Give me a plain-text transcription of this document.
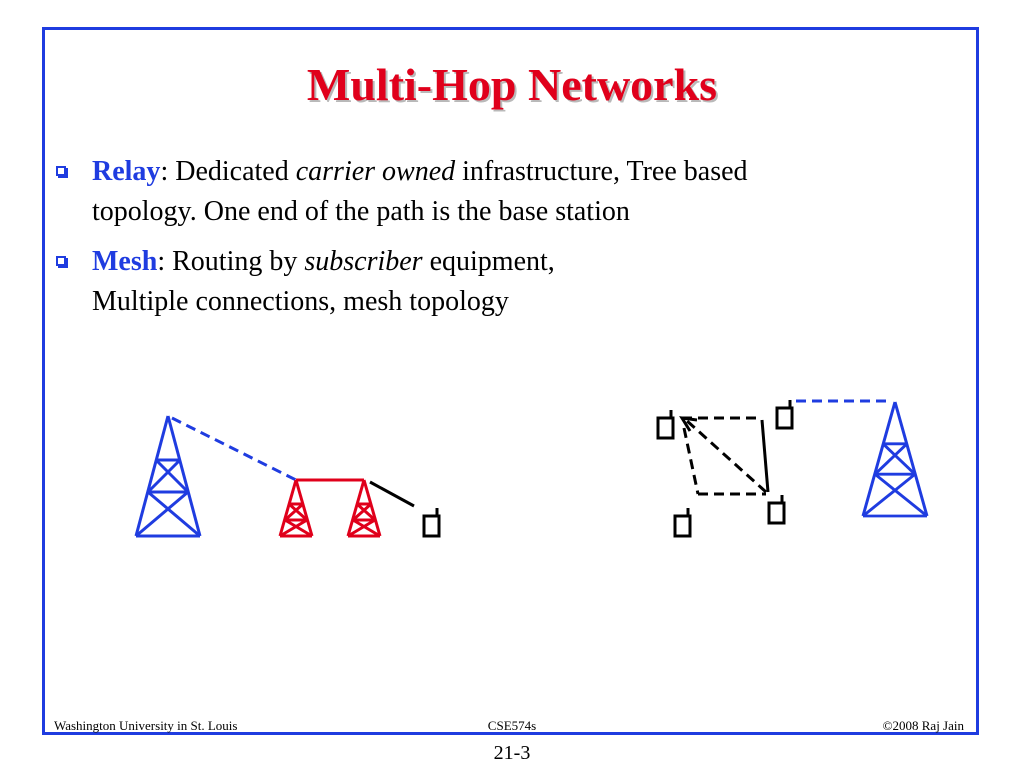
Multi-Hop Networks
Relay: Dedicated carrier owned infrastructure, Tree based
topology. One end of the path is the base station
Mesh: Routing by subscriber equipment,
Multiple connections, mesh topology
Washington University in St. Louis	CSE574s	©2008 Raj Jain
21-3
